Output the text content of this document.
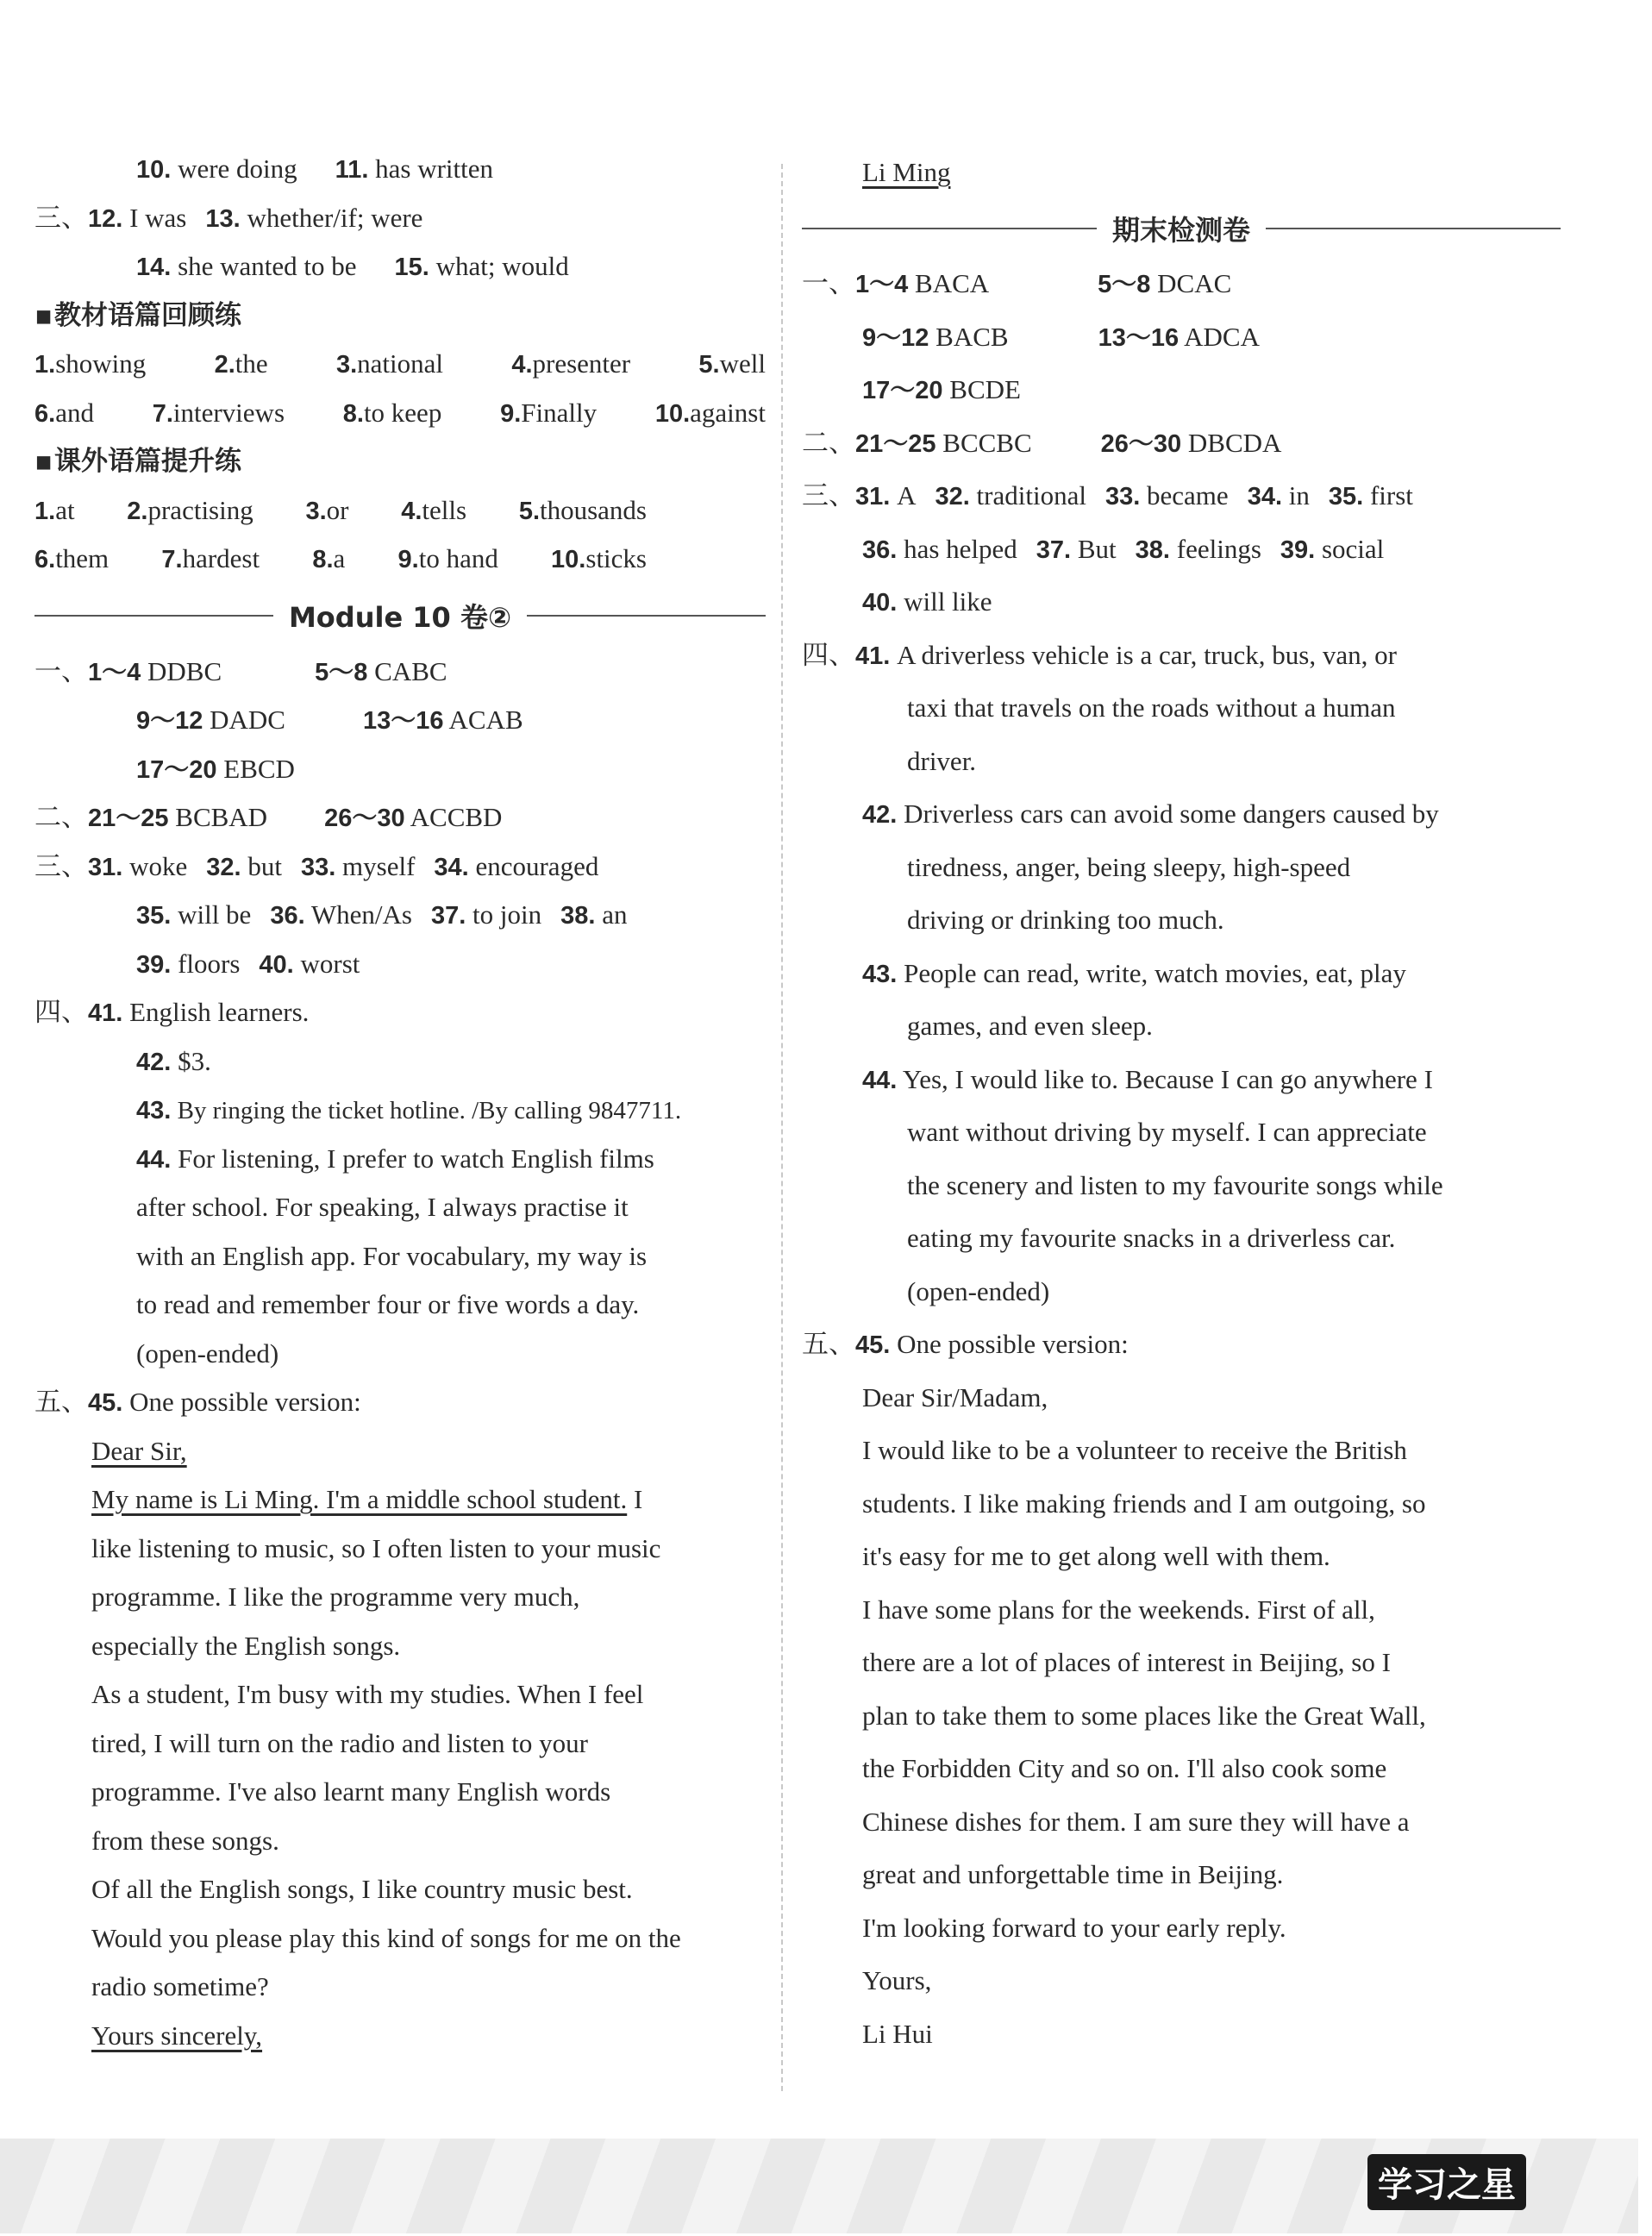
10. were doing 11. has written
三、12. I was 13. whether/if; were
14. she wanted to be 15. what; would
▪ 教材语篇回顾练
1.showing	2.the	3.national	4.presenter	5.well
6.and 7.interviews 8.to keep 9.Finally 10.against
▪ 课外语篇提升练
1.at 2.practising 3.or 4.tells 5.thousands
6.them 7.hardest 8.a 9.to hand 10.sticks
Module 10 卷②
一、1～4 DDBC	5～8 CABC
9～12 DADC	13～16 ACAB
17～20 EBCD
二、21～25 BCBAD 26～30 ACCBD
三、31. woke 32. but 33. myself 34. encouraged
35. will be 36. When/As 37. to join 38. an
39. floors 40. worst
四、41. English learners.
42. $3.
43. By ringing the ticket hotline. /By calling 9847711.
44. For listening, I prefer to watch English films
after school. For speaking, I always practise it
with an English app. For vocabulary, my way is
to read and remember four or five words a day.
(open-ended)
五、45. One possible version:
Dear Sir,
My name is Li Ming. I'm a middle school student. I
like listening to music, so I often listen to your music
programme. I like the programme very much,
especially the English songs.
As a student, I'm busy with my studies. When I feel
tired, I will turn on the radio and listen to your
programme. I've also learnt many English words
from these songs.
Of all the English songs, I like country music best.
Would you please play this kind of songs for me on the
radio sometime?
Yours sincerely,
Li Ming
期末检测卷
一、1～4 BACA	5～8 DCAC
9～12 BACB	13～16 ADCA
17～20 BCDE
二、21～25 BCCBC	26～30 DBCDA
三、31. A 32. traditional 33. became 34. in 35. first
36. has helped 37. But 38. feelings 39. social
40. will like
四、41. A driverless vehicle is a car, truck, bus, van, or
taxi that travels on the roads without a human
driver.
42. Driverless cars can avoid some dangers caused by
tiredness, anger, being sleepy, high-speed
driving or drinking too much.
43. People can read, write, watch movies, eat, play
games, and even sleep.
44. Yes, I would like to. Because I can go anywhere I
want without driving by myself. I can appreciate
the scenery and listen to my favourite songs while
eating my favourite snacks in a driverless car.
(open-ended)
五、45. One possible version:
Dear Sir/Madam,
I would like to be a volunteer to receive the British
students. I like making friends and I am outgoing, so
it's easy for me to get along well with them.
I have some plans for the weekends. First of all,
there are a lot of places of interest in Beijing, so I
plan to take them to some places like the Great Wall,
the Forbidden City and so on. I'll also cook some
Chinese dishes for them. I am sure they will have a
great and unforgettable time in Beijing.
I'm looking forward to your early reply.
Yours,
Li Hui
学习之星
